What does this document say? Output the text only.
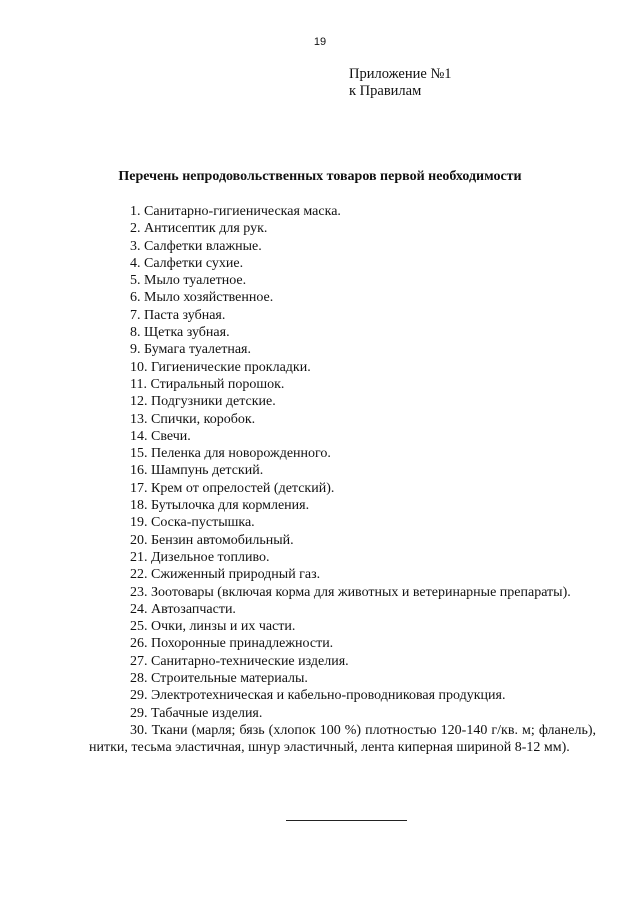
19
Приложение №1
к Правилам
Перечень непродовольственных товаров первой необходимости
1. Санитарно-гигиеническая маска.
2. Антисептик для рук.
3. Салфетки влажные.
4. Салфетки сухие.
5. Мыло туалетное.
6. Мыло хозяйственное.
7. Паста зубная.
8. Щетка зубная.
9. Бумага туалетная.
10. Гигиенические прокладки.
11. Стиральный порошок.
12. Подгузники детские.
13. Спички, коробок.
14. Свечи.
15. Пеленка для новорожденного.
16. Шампунь детский.
17. Крем от опрелостей (детский).
18. Бутылочка для кормления.
19. Соска-пустышка.
20. Бензин автомобильный.
21. Дизельное топливо.
22. Сжиженный природный газ.
23. Зоотовары (включая корма для животных и ветеринарные препараты).
24. Автозапчасти.
25. Очки, линзы и их части.
26. Похоронные принадлежности.
27. Санитарно-технические изделия.
28. Строительные материалы.
29. Электротехническая и кабельно-проводниковая продукция.
29. Табачные изделия.
30. Ткани (марля; бязь (хлопок 100 %) плотностью 120-140 г/кв. м; фланель), нитки, тесьма эластичная, шнур эластичный, лента киперная шириной 8-12 мм).
